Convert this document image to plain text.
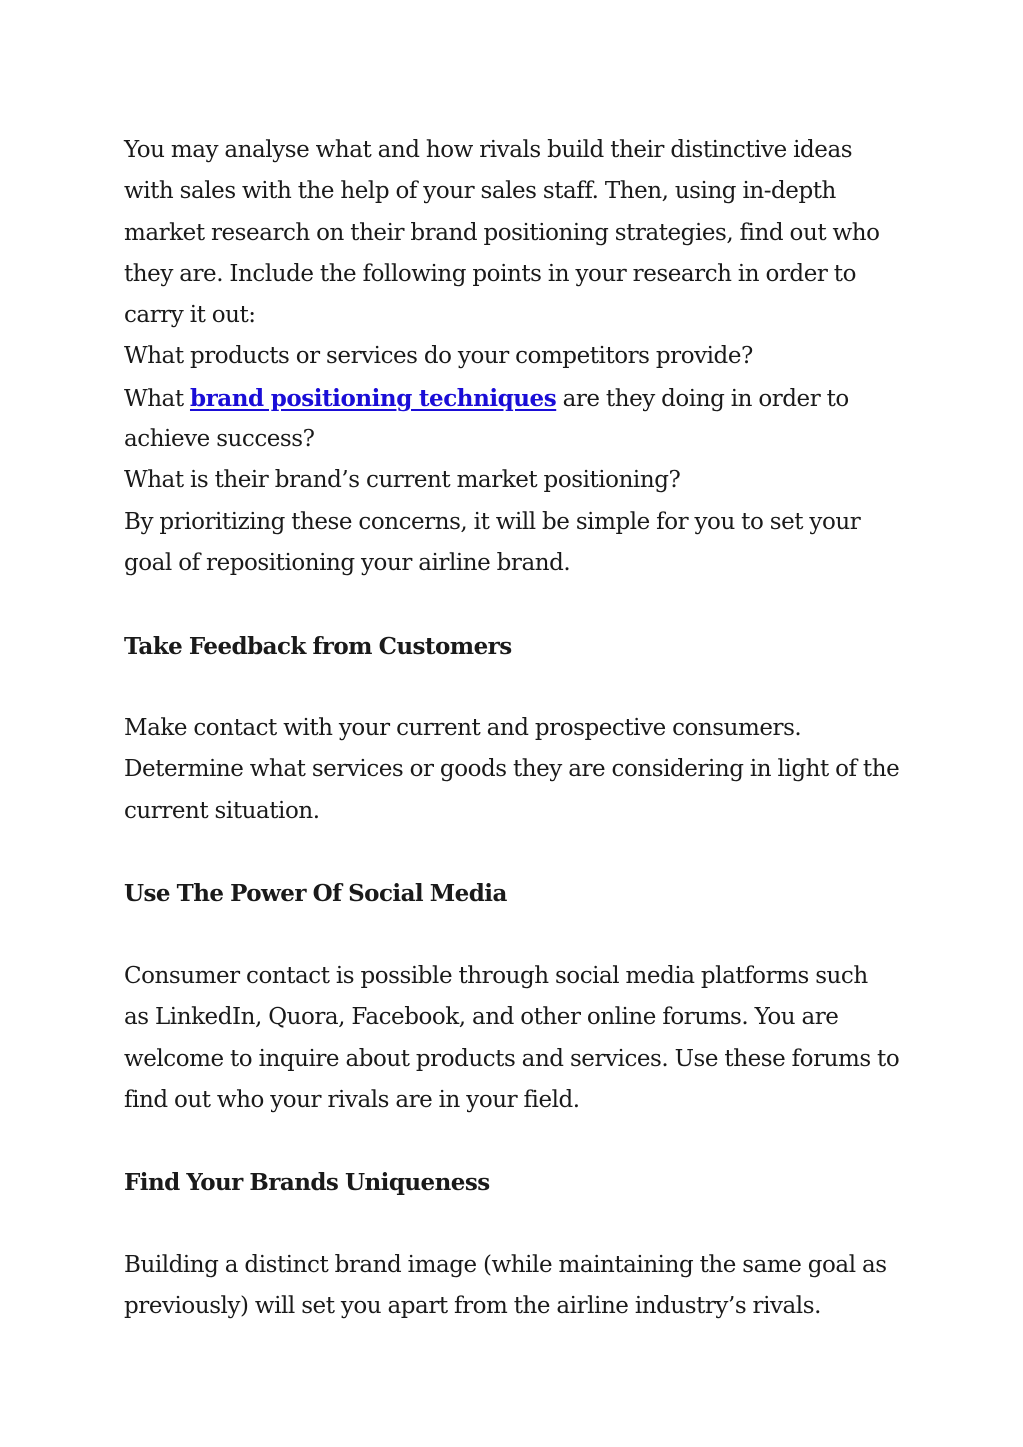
You may analyse what and how rivals build their distinctive ideas
with sales with the help of your sales staff. Then, using in-depth
market research on their brand positioning strategies, find out who
they are. Include the following points in your research in order to
carry it out:
What products or services do your competitors provide?
What brand positioning techniques are they doing in order to
achieve success?
What is their brand’s current market positioning?
By prioritizing these concerns, it will be simple for you to set your
goal of repositioning your airline brand.
Take Feedback from Customers
Make contact with your current and prospective consumers.
Determine what services or goods they are considering in light of the
current situation.
Use The Power Of Social Media
Consumer contact is possible through social media platforms such
as LinkedIn, Quora, Facebook, and other online forums. You are
welcome to inquire about products and services. Use these forums to
find out who your rivals are in your field.
Find Your Brands Uniqueness
Building a distinct brand image (while maintaining the same goal as
previously) will set you apart from the airline industry’s rivals.
